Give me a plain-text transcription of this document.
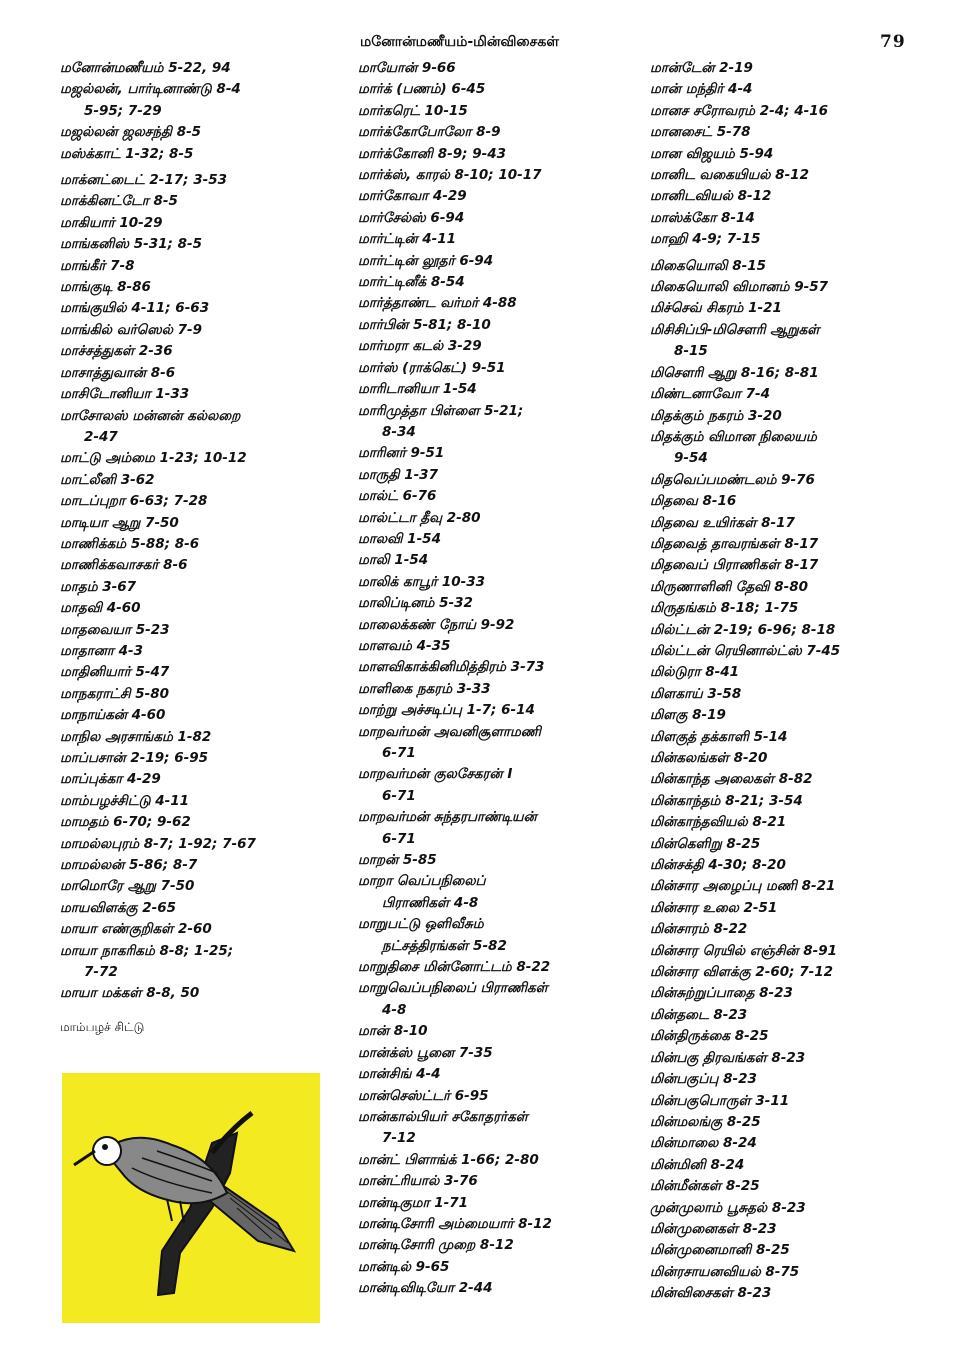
மனோன்மணீயம்-மின்விசைகள்	79
மனோன்மணீயம் 5-22, 94
மஜல்லன், பார்டினாண்டு 8-4
5-95; 7-29
மஜல்லன் ஜலசந்தி 8-5
மஸ்க்காட் 1-32; 8-5
மாக்னட்டைட் 2-17; 3-53
மாக்கினட்டோ 8-5
மாகியார் 10-29
மாங்கனிஸ் 5-31; 8-5
மாங்கீர் 7-8
மாங்குடி 8-86
மாங்குயில் 4-11; 6-63
மாங்கில் வர்ஸெல் 7-9
மாச்சத்துகள் 2-36
மாசாத்துவான் 8-6
மாசிடோனியா 1-33
மாசோலஸ் மன்னன் கல்லறை
2-47
மாட்டு அம்மை 1-23; 10-12
மாட்லீனி 3-62
மாடப்புறா 6-63; 7-28
மாடியா ஆறு 7-50
மாணிக்கம் 5-88; 8-6
மாணிக்கவாசகர் 8-6
மாதம் 3-67
மாதவி 4-60
மாதவையா 5-23
மாதானா 4-3
மாதினியார் 5-47
மாநகராட்சி 5-80
மாநாய்கன் 4-60
மாநில அரசாங்கம் 1-82
மாப்பசான் 2-19; 6-95
மாப்புக்கா 4-29
மாம்பழச்சிட்டு 4-11
மாமதம் 6-70; 9-62
மாமல்லபுரம் 8-7; 1-92; 7-67
மாமல்லன் 5-86; 8-7
மாமொரே ஆறு 7-50
மாயவிளக்கு 2-65
மாயா எண்குறிகள் 2-60
மாயா நாகரிகம் 8-8; 1-25;
7-72
மாயா மக்கள் 8-8, 50
மாயோன் 9-66
மார்க் (பணம்) 6-45
மார்கரெட் 10-15
மார்க்கோபோலோ 8-9
மார்க்கோனி 8-9; 9-43
மார்க்ஸ், காரல் 8-10; 10-17
மார்கோவா 4-29
மார்சேல்ஸ் 6-94
மார்ட்டின் 4-11
மார்ட்டின் லூதர் 6-94
மார்ட்டினீக் 8-54
மார்த்தாண்ட வர்மர் 4-88
மார்பின் 5-81; 8-10
மார்மரா கடல் 3-29
மார்ஸ் (ராக்கெட்) 9-51
மாரிடானியா 1-54
மாரிமுத்தா பிள்ளை 5-21;
8-34
மாரினர் 9-51
மாருதி 1-37
மால்ட் 6-76
மால்ட்டா தீவு 2-80
மாலவி 1-54
மாலி 1-54
மாலிக் காபூர் 10-33
மாலிப்டினம் 5-32
மாலைக்கண் நோய் 9-92
மாளவம் 4-35
மாளவிகாக்கினிமித்திரம் 3-73
மாளிகை நகரம் 3-33
மாற்று அச்சடிப்பு 1-7; 6-14
மாறவர்மன் அவனிசூளாமணி
6-71
மாறவர்மன் குலசேகரன் I
6-71
மாறவர்மன் சுந்தரபாண்டியன்
6-71
மாறன் 5-85
மாறா வெப்பநிலைப்
பிராணிகள் 4-8
மாறுபட்டு ஒளிவீசும்
நட்சத்திரங்கள் 5-82
மாறுதிசை மின்னோட்டம் 8-22
மாறுவெப்பநிலைப் பிராணிகள்
4-8
மான் 8-10
மான்க்ஸ் பூனை 7-35
மான்சிங் 4-4
மான்செஸ்ட்டர் 6-95
மான்கால்பியர் சகோதரர்கள்
7-12
மான்ட் பிளாங்க் 1-66; 2-80
மான்ட்ரியால் 3-76
மான்டிகுமா 1-71
மான்டிசோரி அம்மையார் 8-12
மான்டிசோரி முறை 8-12
மான்டில் 9-65
மான்டிவிடியோ 2-44
மான்டேன் 2-19
மான் மந்திர் 4-4
மானச சரோவரம் 2-4; 4-16
மானசைட் 5-78
மான விஜயம் 5-94
மானிட வகையியல் 8-12
மானிடவியல் 8-12
மாஸ்க்கோ 8-14
மாஹி 4-9; 7-15
மிகையொலி 8-15
மிகையொலி விமானம் 9-57
மிச்செவ் சிகரம் 1-21
மிசிசிப்பி-மிசௌரி ஆறுகள்
8-15
மிசௌரி ஆறு 8-16; 8-81
மிண்டனாவோ 7-4
மிதக்கும் நகரம் 3-20
மிதக்கும் விமான நிலையம்
9-54
மிதவெப்பமண்டலம் 9-76
மிதவை 8-16
மிதவை உயிர்கள் 8-17
மிதவைத் தாவரங்கள் 8-17
மிதவைப் பிராணிகள் 8-17
மிருணாளினி தேவி 8-80
மிருதங்கம் 8-18; 1-75
மில்ட்டன் 2-19; 6-96; 8-18
மில்ட்டன் ரெயினால்ட்ஸ் 7-45
மில்டுரா 8-41
மிளகாய் 3-58
மிளகு 8-19
மிளகுத் தக்காளி 5-14
மின்கலங்கள் 8-20
மின்காந்த அலைகள் 8-82
மின்காந்தம் 8-21; 3-54
மின்காந்தவியல் 8-21
மின்கெளிறு 8-25
மின்சக்தி 4-30; 8-20
மின்சார அழைப்பு மணி 8-21
மின்சார உலை 2-51
மின்சாரம் 8-22
மின்சார ரெயில் எஞ்சின் 8-91
மின்சார விளக்கு 2-60; 7-12
மின்சுற்றுப்பாதை 8-23
மின்தடை 8-23
மின்திருக்கை 8-25
மின்பகு திரவங்கள் 8-23
மின்பகுப்பு 8-23
மின்பகுபொருள் 3-11
மின்மலங்கு 8-25
மின்மாலை 8-24
மின்மினி 8-24
மின்மீன்கள் 8-25
முன்முலாம் பூசுதல் 8-23
மின்முனைகள் 8-23
மின்முனைமானி 8-25
மின்ரசாயனவியல் 8-75
மின்விசைகள் 8-23
மாம்பழச் சிட்டு
